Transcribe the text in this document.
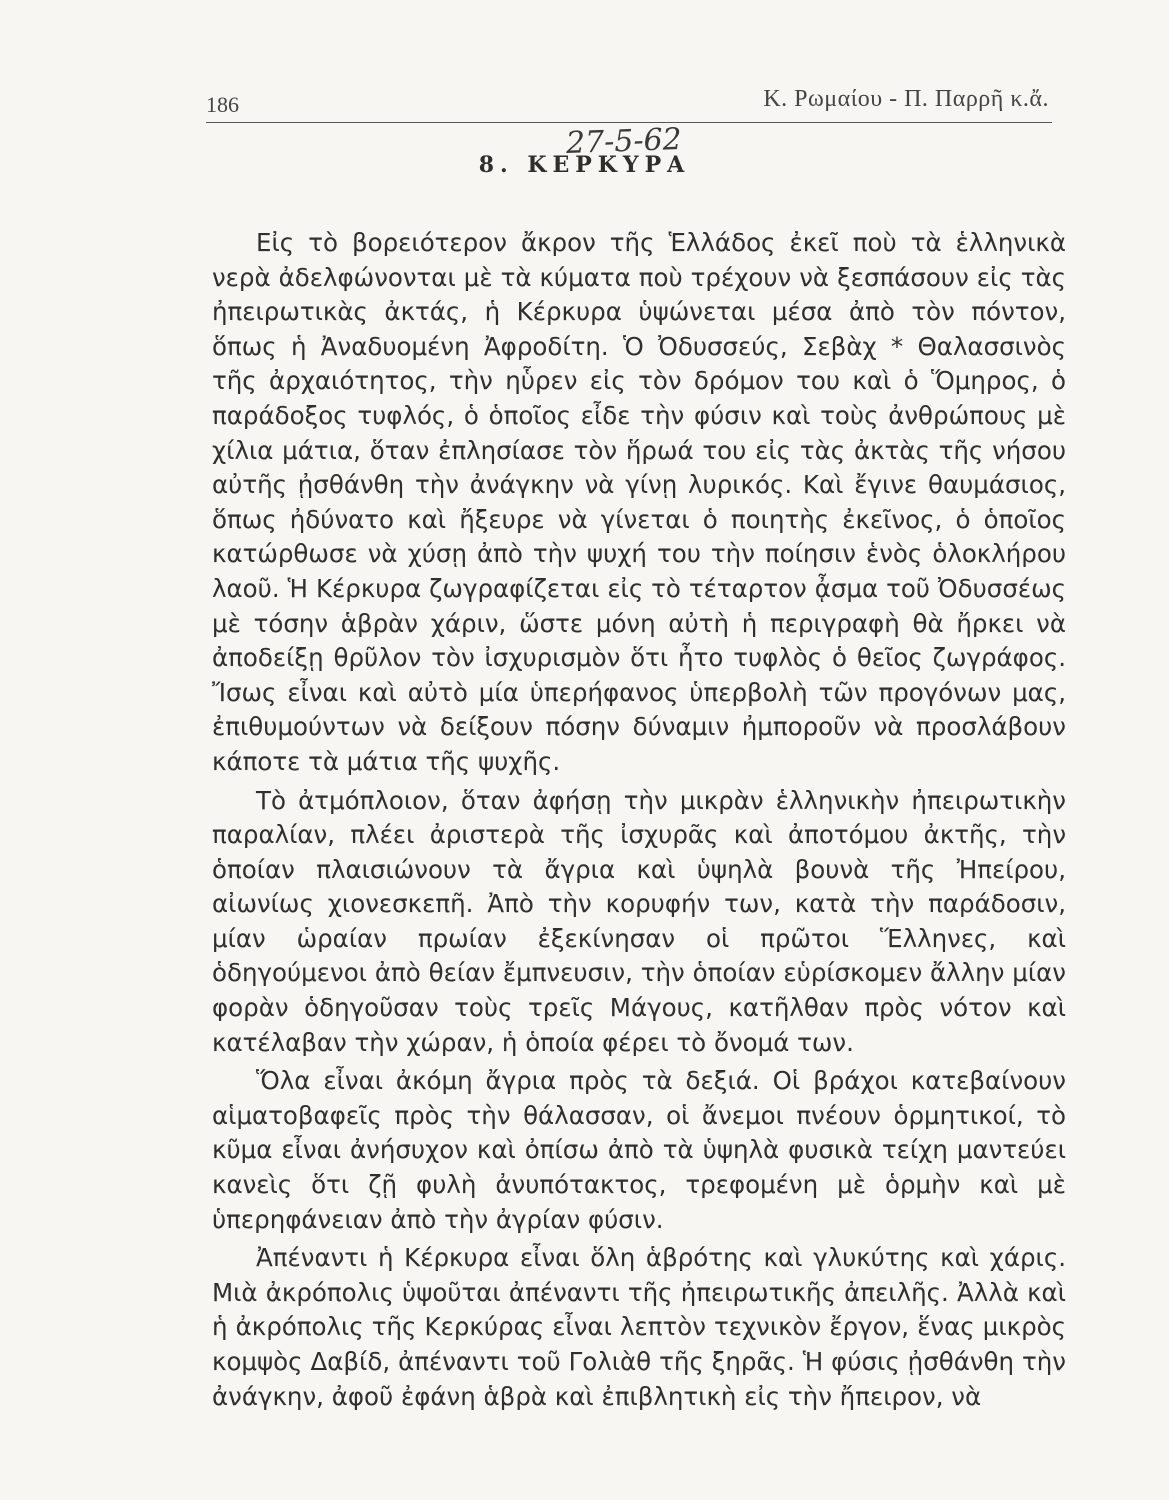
186	Κ. Ρωμαίου - Π. Παρρῆ κ.ἄ.
27-5-62
8. ΚΕΡΚΥΡΑ

Εἰς τὸ βορειότερον ἄκρον τῆς Ἑλλάδος ἐκεῖ ποὺ τὰ ἑλληνικὰ νερὰ ἀδελφώνονται μὲ τὰ κύματα ποὺ τρέχουν νὰ ξεσπάσουν εἰς τὰς ἠπειρωτικὰς ἀκτάς, ἡ Κέρκυρα ὑψώνεται μέσα ἀπὸ τὸν πόντον, ὅπως ἡ Ἀναδυομένη Ἀφροδίτη. Ὁ Ὀδυσσεύς, Σεβὰχ * Θαλασσινὸς τῆς ἀρχαιότητος, τὴν ηὗρεν εἰς τὸν δρόμον του καὶ ὁ Ὅμηρος, ὁ παράδοξος τυφλός, ὁ ὁποῖος εἶδε τὴν φύσιν καὶ τοὺς ἀνθρώπους μὲ χίλια μάτια, ὅταν ἐπλησίασε τὸν ἥρωά του εἰς τὰς ἀκτὰς τῆς νήσου αὐτῆς ᾐσθάνθη τὴν ἀνάγκην νὰ γίνῃ λυρικός. Καὶ ἔγινε θαυμάσιος, ὅπως ἠδύνατο καὶ ἤξευρε νὰ γίνεται ὁ ποιητὴς ἐκεῖνος, ὁ ὁποῖος κατώρθωσε νὰ χύσῃ ἀπὸ τὴν ψυχή του τὴν ποίησιν ἑνὸς ὁλοκλήρου λαοῦ. Ἡ Κέρκυρα ζωγραφίζεται εἰς τὸ τέταρτον ᾆσμα τοῦ Ὀδυσσέως μὲ τόσην ἁβρὰν χάριν, ὥστε μόνη αὐτὴ ἡ περιγραφὴ θὰ ἤρκει νὰ ἀποδείξῃ θρῦλον τὸν ἰσχυρισμὸν ὅτι ἦτο τυφλὸς ὁ θεῖος ζωγράφος. Ἴσως εἶναι καὶ αὐτὸ μία ὑπερήφανος ὑπερβολὴ τῶν προγόνων μας, ἐπιθυμούντων νὰ δείξουν πόσην δύναμιν ἠμποροῦν νὰ προσλάβουν κάποτε τὰ μάτια τῆς ψυχῆς.

Τὸ ἀτμόπλοιον, ὅταν ἀφήσῃ τὴν μικρὰν ἑλληνικὴν ἠπειρωτικὴν παραλίαν, πλέει ἀριστερὰ τῆς ἰσχυρᾶς καὶ ἀποτόμου ἀκτῆς, τὴν ὁποίαν πλαισιώνουν τὰ ἄγρια καὶ ὑψηλὰ βουνὰ τῆς Ἠπείρου, αἰωνίως χιονεσκεπῆ. Ἀπὸ τὴν κορυφήν των, κατὰ τὴν παράδοσιν, μίαν ὡραίαν πρωίαν ἐξεκίνησαν οἱ πρῶτοι Ἕλληνες, καὶ ὁδηγούμενοι ἀπὸ θείαν ἔμπνευσιν, τὴν ὁποίαν εὑρίσκομεν ἄλλην μίαν φορὰν ὁδηγοῦσαν τοὺς τρεῖς Μάγους, κατῆλθαν πρὸς νότον καὶ κατέλαβαν τὴν χώραν, ἡ ὁποία φέρει τὸ ὄνομά των.

Ὅλα εἶναι ἀκόμη ἄγρια πρὸς τὰ δεξιά. Οἱ βράχοι κατεβαίνουν αἱματοβαφεῖς πρὸς τὴν θάλασσαν, οἱ ἄνεμοι πνέουν ὁρμητικοί, τὸ κῦμα εἶναι ἀνήσυχον καὶ ὀπίσω ἀπὸ τὰ ὑψηλὰ φυσικὰ τείχη μαντεύει κανεὶς ὅτι ζῇ φυλὴ ἀνυπότακτος, τρεφομένη μὲ ὁρμὴν καὶ μὲ ὑπερηφάνειαν ἀπὸ τὴν ἀγρίαν φύσιν.

Ἀπέναντι ἡ Κέρκυρα εἶναι ὅλη ἁβρότης καὶ γλυκύτης καὶ χάρις. Μιὰ ἀκρόπολις ὑψοῦται ἀπέναντι τῆς ἠπειρωτικῆς ἀπειλῆς. Ἀλλὰ καὶ ἡ ἀκρόπολις τῆς Κερκύρας εἶναι λεπτὸν τεχνικὸν ἔργον, ἕνας μικρὸς κομψὸς Δαβίδ, ἀπέναντι τοῦ Γολιὰθ τῆς ξηρᾶς. Ἡ φύσις ᾐσθάνθη τὴν ἀνάγκην, ἀφοῦ ἐφάνη ἁβρὰ καὶ ἐπιβλητικὴ εἰς τὴν ἤπειρον, νὰ
